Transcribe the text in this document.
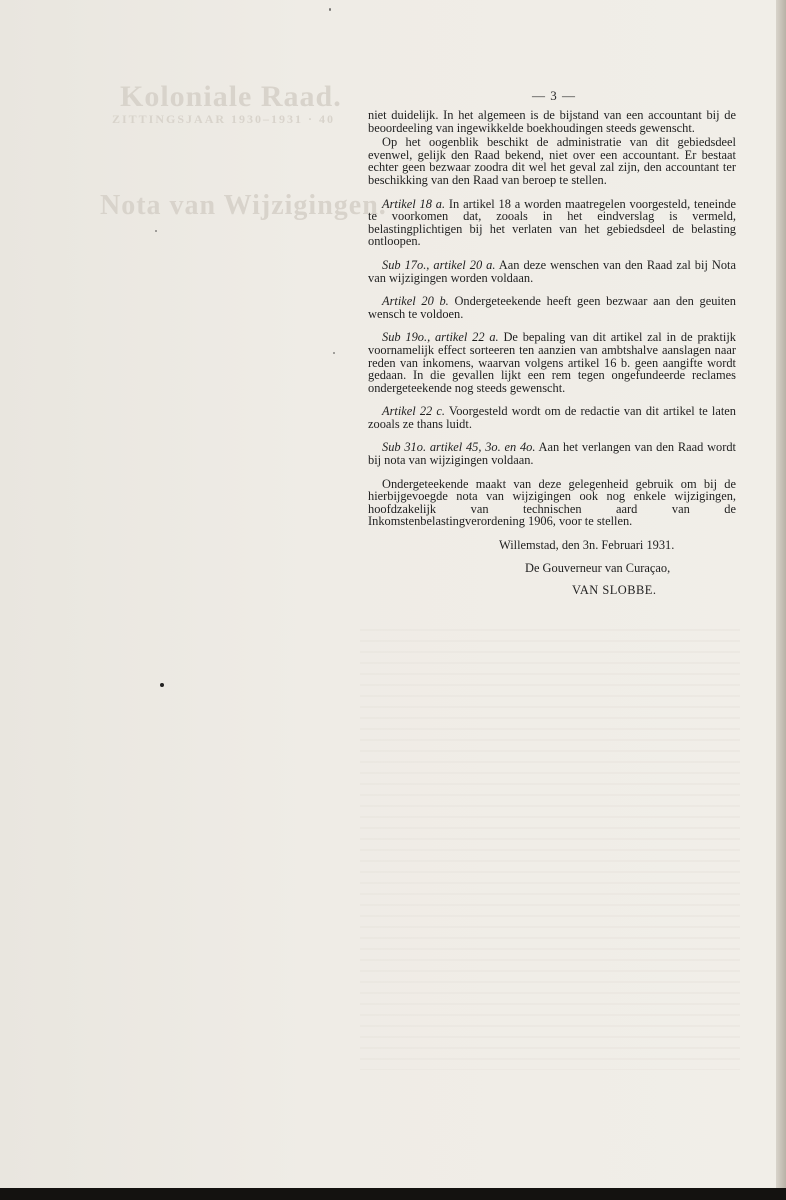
Koloniale Raad.
ZITTINGSJAAR 1930–1931 · 40
Nota van Wijzigingen.
— 3 —

niet duidelijk. In het algemeen is de bijstand van een accountant bij de beoordeeling van ingewikkelde boekhoudingen steeds gewenscht.

Op het oogenblik beschikt de administratie van dit gebiedsdeel evenwel, gelijk den Raad bekend, niet over een accountant. Er bestaat echter geen bezwaar zoodra dit wel het geval zal zijn, den accountant ter beschikking van den Raad van beroep te stellen.

Artikel 18 a. In artikel 18 a worden maatregelen voorgesteld, teneinde te voorkomen dat, zooals in het eindverslag is vermeld, belastingplichtigen bij het verlaten van het gebiedsdeel de belasting ontloopen.

Sub 17o., artikel 20 a. Aan deze wenschen van den Raad zal bij Nota van wijzigingen worden voldaan.

Artikel 20 b. Ondergeteekende heeft geen bezwaar aan den geuiten wensch te voldoen.

Sub 19o., artikel 22 a. De bepaling van dit artikel zal in de praktijk voornamelijk effect sorteeren ten aanzien van ambtshalve aanslagen naar reden van inkomens, waarvan volgens artikel 16 b. geen aangifte wordt gedaan. In die gevallen lijkt een rem tegen ongefundeerde reclames ondergeteekende nog steeds gewenscht.

Artikel 22 c. Voorgesteld wordt om de redactie van dit artikel te laten zooals ze thans luidt.

Sub 31o. artikel 45, 3o. en 4o. Aan het verlangen van den Raad wordt bij nota van wijzigingen voldaan.

Ondergeteekende maakt van deze gelegenheid gebruik om bij de hierbijgevoegde nota van wijzigingen ook nog enkele wijzigingen, hoofdzakelijk van technischen aard van de Inkomstenbelastingverordening 1906, voor te stellen.

Willemstad, den 3n. Februari 1931.

De Gouverneur van Curaçao,

VAN SLOBBE.
